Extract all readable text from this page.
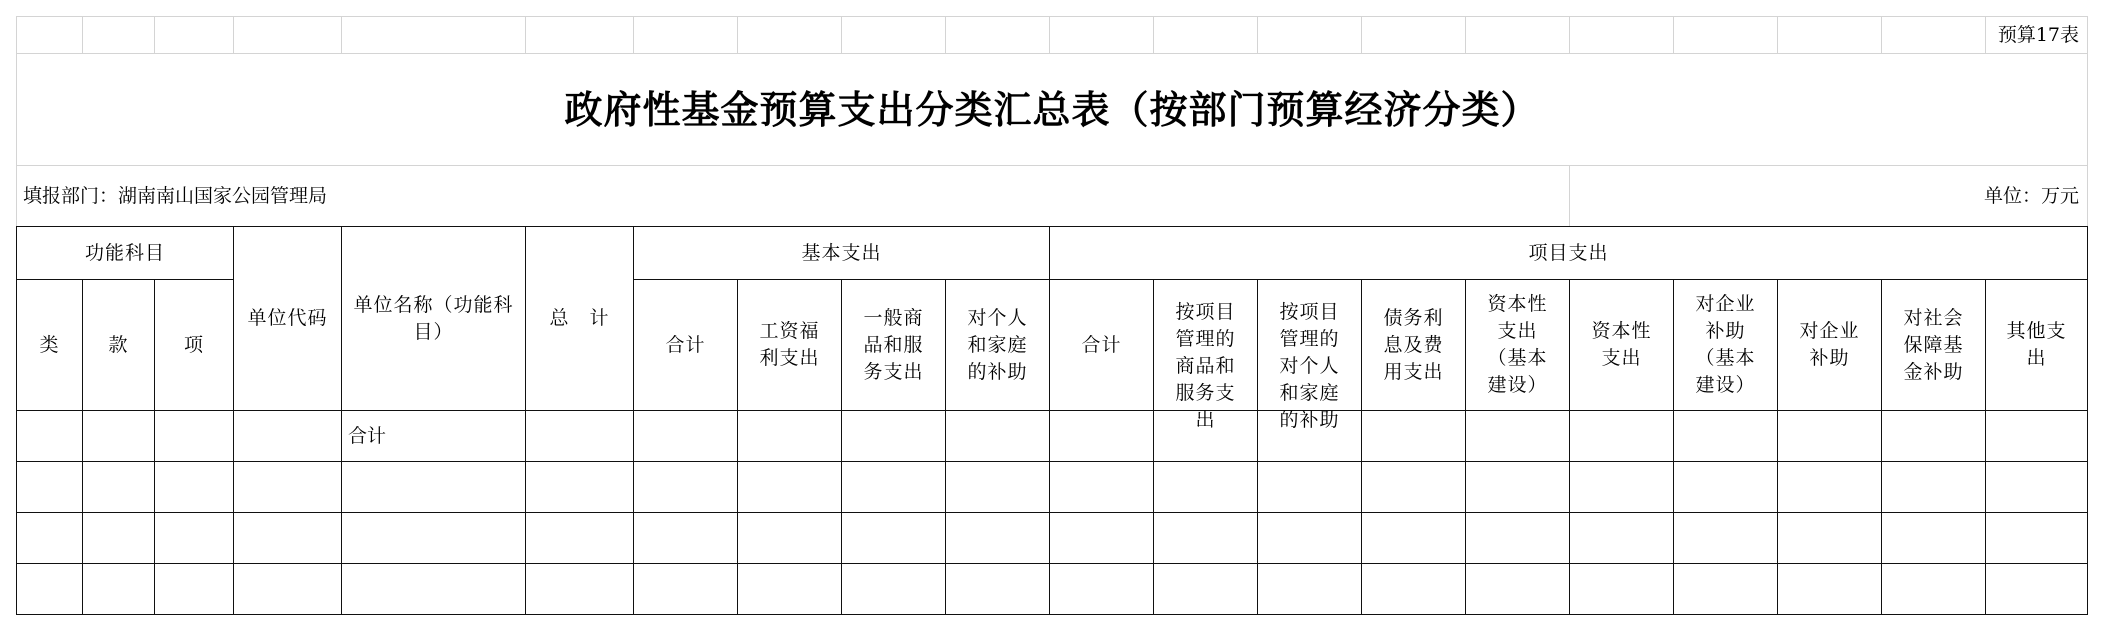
																			预算17表
政府性基金预算支出分类汇总表（按部门预算经济分类）																			
填报部门：湖南南山国家公园管理局															单位：万元				
功能科目			单位代码	单位名称（功能科目）	总　计	基本支出				项目支出									
类	款	项				合计	工资福利支出	一般商品和服务支出	对个人和家庭的补助	合计	按项目管理的商品和服务支出	按项目管理的对个人和家庭的补助	债务利息及费用支出	资本性支出（基本建设）	资本性支出	对企业补助（基本建设）	对企业补助	对社会保障基金补助	其他支出

				合计															
